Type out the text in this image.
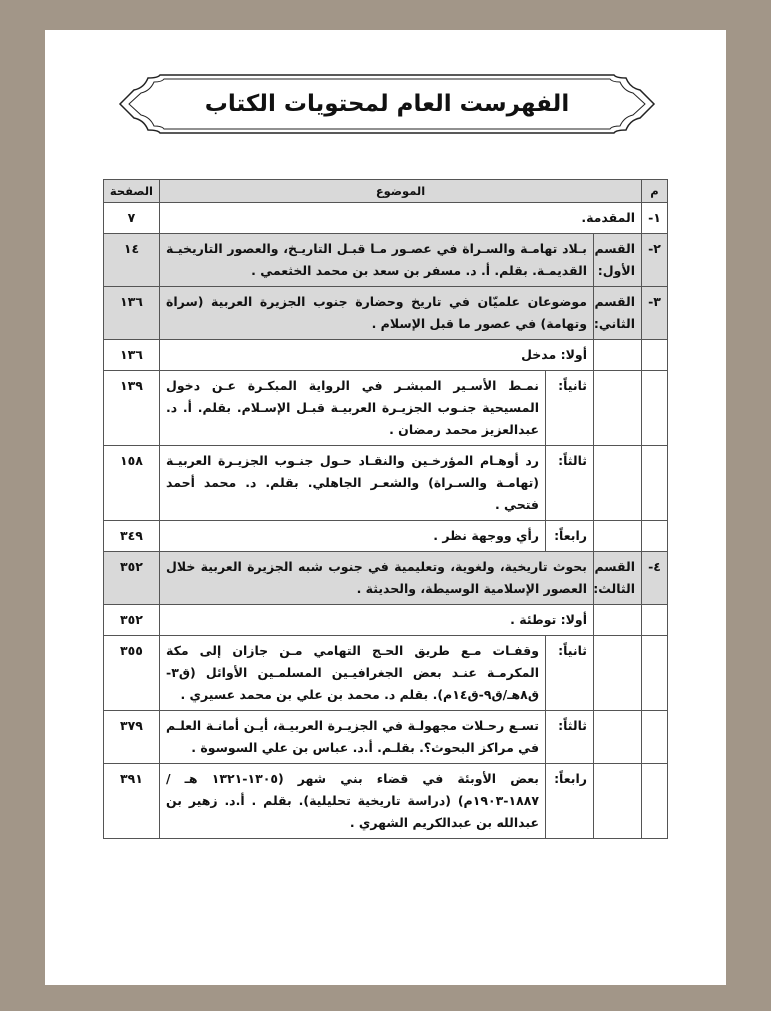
الفهرست العام لمحتويات الكتاب
م	الموضوع			الصفحة
١-	المقدمة.			٧
٢-	القسم الأول:	بـلاد تهامـة والسـراة في عصـور مـا قبـل التاريـخ، والعصور التاريخيـة القديمـة. بقلم. أ. د. مسفر بن سعد بن محمد الخثعمي .		١٤
٣-	القسم الثاني:	موضوعان علميّان في تاريخ وحضارة جنوب الجزيرة العربية (سراة وتهامة) في عصور ما قبل الإسلام .		١٣٦
		أولا: مدخل		١٣٦
		ثانياً:	نمـط الأسـير المبشـر في الرواية المبكـرة عـن دخول المسيحية جنـوب الجزيـرة العربيـة قبـل الإسـلام. بقلم. أ. د. عبدالعزيز محمد رمضان .	١٣٩
		ثالثاً:	رد أوهـام المؤرخـين والنقـاد حـول جنـوب الجزيـرة العربيـة (تهامـة والسـراة) والشعـر الجاهلي. بقلم. د. محمد أحمد فتحي .	١٥٨
		رابعاً:	رأي ووجهة نظر .	٣٤٩
٤-	القسم الثالث:	بحوث تاريخية، ولغوية، وتعليمية في جنوب شبه الجزيرة العربية خلال العصور الإسلامية الوسيطة، والحديثة .		٣٥٢
		أولا: توطئة .		٣٥٢
		ثانياً:	وقفـات مـع طريق الحـج التهامي مـن جازان إلى مكة المكرمـة عنـد بعض الجغرافيـين المسلمـين الأوائل (ق٣-ق٨هـ/ق٩-ق١٤م). بقلم د. محمد بن علي بن محمد عسيري .	٣٥٥
		ثالثاً:	تسـع رحـلات مجهولـة في الجزيـرة العربيـة، أيـن أمانـة العلـم في مراكز البحوث؟. بقلـم. أ.د. عباس بن علي السوسوة .	٣٧٩
		رابعاً:	بعض الأوبئة في قضاء بني شهر (١٣٠٥-١٣٢١ هـ / ١٨٨٧-١٩٠٣م) (دراسة تاريخية تحليلية). بقلم . أ.د. زهير بن عبدالله بن عبدالكريم الشهري .	٣٩١
